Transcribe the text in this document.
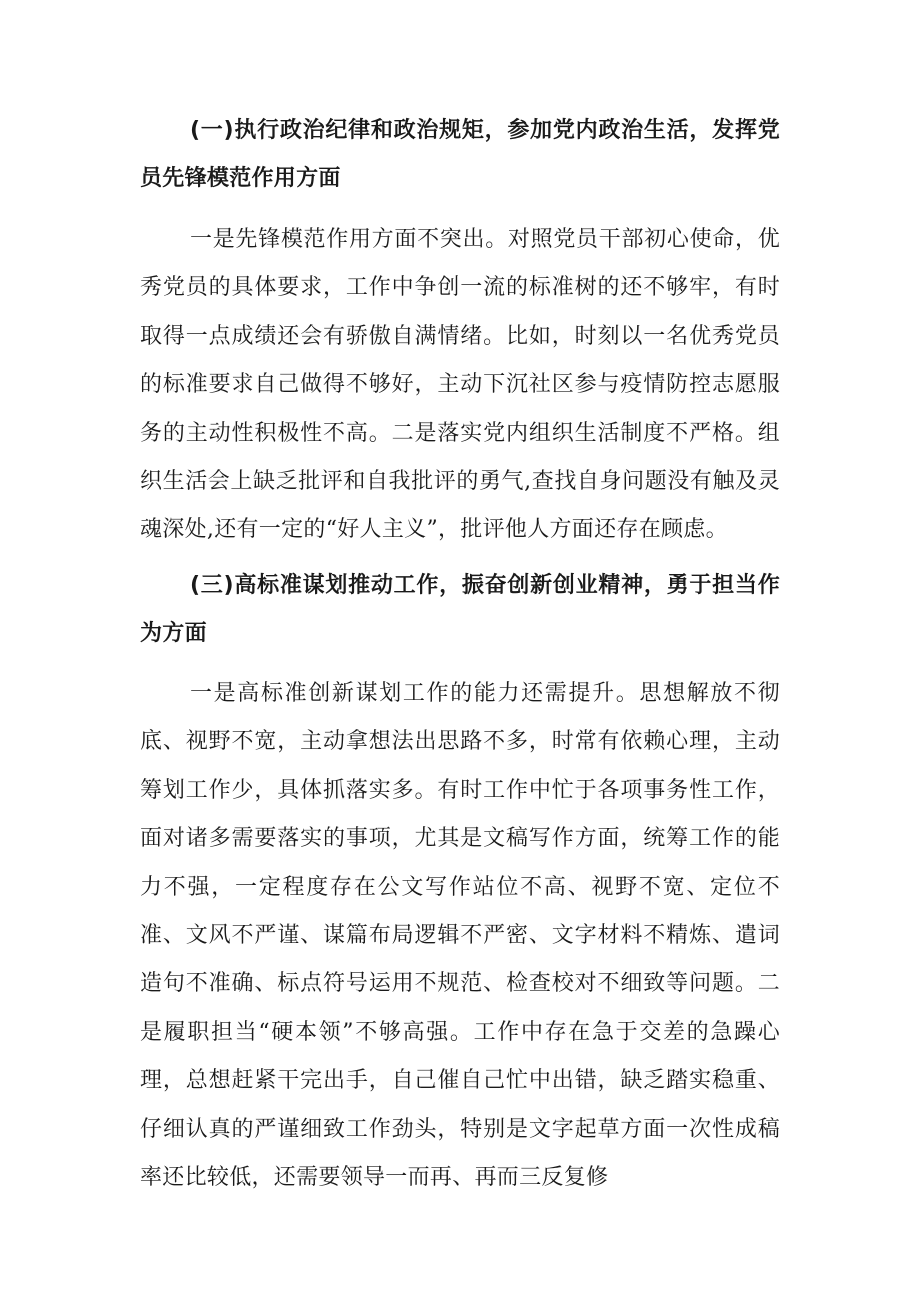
(一)执行政治纪律和政治规矩，参加党内政治生活，发挥党员先锋模范作用方面

一是先锋模范作用方面不突出。对照党员干部初心使命，优秀党员的具体要求，工作中争创一流的标准树的还不够牢，有时取得一点成绩还会有骄傲自满情绪。比如，时刻以一名优秀党员的标准要求自己做得不够好，主动下沉社区参与疫情防控志愿服务的主动性积极性不高。二是落实党内组织生活制度不严格。组织生活会上缺乏批评和自我批评的勇气,查找自身问题没有触及灵魂深处,还有一定的“好人主义”，批评他人方面还存在顾虑。

(三)高标准谋划推动工作，振奋创新创业精神，勇于担当作为方面

一是高标准创新谋划工作的能力还需提升。思想解放不彻底、视野不宽，主动拿想法出思路不多，时常有依赖心理，主动筹划工作少，具体抓落实多。有时工作中忙于各项事务性工作，面对诸多需要落实的事项，尤其是文稿写作方面，统筹工作的能力不强，一定程度存在公文写作站位不高、视野不宽、定位不准、文风不严谨、谋篇布局逻辑不严密、文字材料不精炼、遣词造句不准确、标点符号运用不规范、检查校对不细致等问题。二是履职担当“硬本领”不够高强。工作中存在急于交差的急躁心理，总想赶紧干完出手，自己催自己忙中出错，缺乏踏实稳重、仔细认真的严谨细致工作劲头，特别是文字起草方面一次性成稿率还比较低，还需要领导一而再、再而三反复修
